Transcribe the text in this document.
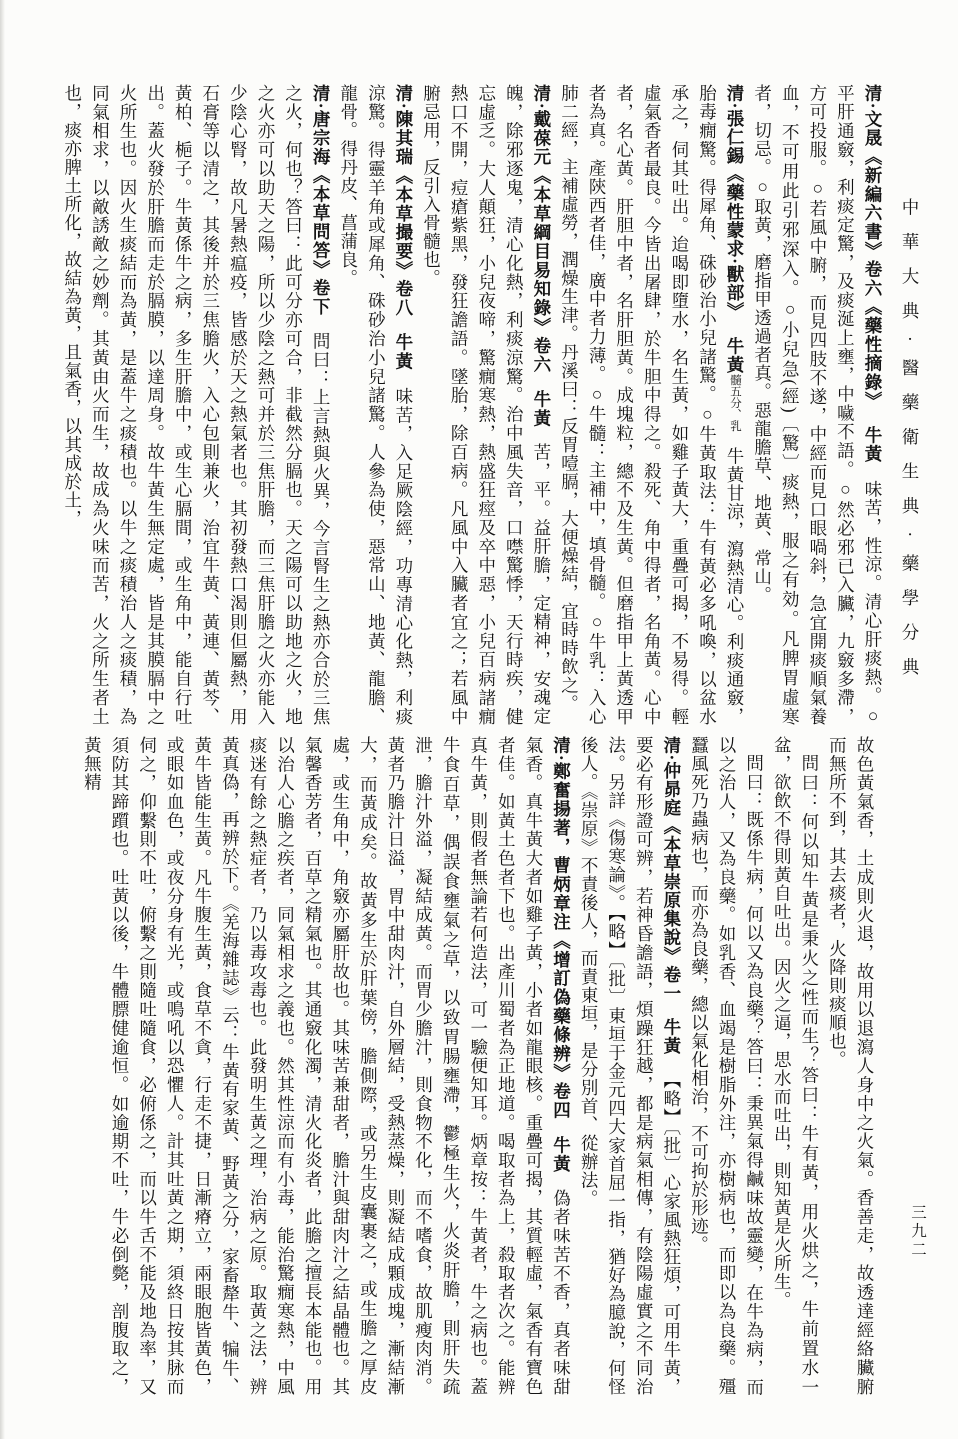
中華大典·醫藥衛生典·藥學分典
三九二
清·文晟《新編六書》卷六《藥性摘錄》牛黃味苦，性涼。清心肝痰熱。○平肝通竅，利痰定驚，及痰涎上壅，中噦不語。○然必邪已入臟，九竅多滯，方可投服。○若風中腑，而見四肢不遂，中經而見口眼喎斜，急宜開痰順氣養血，不可用此引邪深入。○小兒急(經)〔驚〕痰熱，服之有効。凡脾胃虛寒者，切忌。○取黃，磨指甲透過者真。惡龍膽草、地黃、常山。
清·張仁錫《藥性蒙求·獸部》牛黃髓五分、乳牛黃甘涼，瀉熱清心。利痰通竅，胎毒癇驚。得犀角、硃砂治小兒諸驚。○牛黃取法：牛有黃必多吼喚，以盆水承之，伺其吐出。迨喝即墮水，名生黃，如雞子黃大，重疊可揭，不易得。輕虛氣香者最良。今皆出屠肆，於牛胆中得之。殺死、角中得者，名角黃。心中者，名心黃。肝胆中者，名肝胆黃。成塊粒，總不及生黃。但磨指甲上黃透甲者為真。產陝西者佳，廣中者力薄。○牛髓：主補中，填骨髓。○牛乳：入心肺二經，主補虛勞，潤燥生津。丹溪曰：反胃噎膈，大便燥結，宜時時飲之。
清·戴葆元《本草綱目易知錄》卷六牛黃苦，平。益肝膽，定精神，安魂定魄，除邪逐鬼，清心化熱，利痰涼驚。治中風失音，口噤驚悸，天行時疾，健忘虛乏。大人顛狂，小兒夜啼，驚癇寒熱，熱盛狂痙及卒中惡，小兒百病諸癇熱口不開，痘瘡紫黑，發狂譫語。墜胎，除百病。凡風中入臟者宜之；若風中腑忌用，反引入骨髓也。
清·陳其瑞《本草撮要》卷八牛黃味苦，入足厥陰經，功專清心化熱，利痰涼驚。得靈羊角或犀角、硃砂治小兒諸驚。人參為使，惡常山、地黃、龍膽、龍骨。得丹皮、菖蒲良。
清·唐宗海《本草問答》卷下問曰：上言熱與火異，今言腎生之熱亦合於三焦之火，何也？答曰：此可分亦可合，非截然分膈也。天之陽可以助地之火，地之火亦可以助天之陽，所以少陰之熱可并於三焦肝膽，而三焦肝膽之火亦能入少陰心腎，故凡暑熱瘟疫，皆感於天之熱氣者也。其初發熱口渴則但屬熱，用石膏等以清之，其後并於三焦膽火，入心包則兼火，治宜牛黃、黃連、黃芩、黃柏、梔子。牛黃係牛之病，多生肝膽中，或生心膈間，或生角中，能自行吐出。蓋火發於肝膽而走於膈膜，以達周身。故牛黃生無定處，皆是其膜膈中之火所生也。因火生痰結而為黃，是蓋牛之痰積也。以牛之痰積治人之痰積，為同氣相求，以敵誘敵之妙劑。其黃由火而生，故成為火味而苦，火之所生者土也，痰亦脾土所化，故結為黃，且氣香，以其成於土，
故色黃氣香，土成則火退，故用以退瀉人身中之火氣。香善走，故透達經絡臟腑而無所不到，其去痰者，火降則痰順也。
問曰：何以知牛黃是秉火之性而生？答曰：牛有黃，用火烘之，牛前置水一盆，欲飲不得則黃自吐出。因火之逼，思水而吐出，則知黃是火所生。
問曰：既係牛病，何以又為良藥？答曰：秉異氣得鹹味故靈變，在牛為病，而以之治人，又為良藥。如乳香、血竭是樹脂外注，亦樹病也，而即以為良藥。殭蠶風死乃蟲病也，而亦為良藥，總以氣化相治，不可拘於形迹。
清·仲昴庭《本草崇原集說》卷一牛黃【略】〔批〕心家風熱狂煩，可用牛黃，要必有形證可辨，若神昏譫語，煩躁狂越，都是病氣相傳，有陰陽虛實之不同治法。另詳《傷寒論》。【略】〔批〕東垣于金元四大家首屈一指，猶好為臆說，何怪後人。《崇原》不責後人，而責東垣，是分別首、從辦法。
清·鄭奮揚著，曹炳章注《增訂偽藥條辨》卷四牛黃偽者味苦不香，真者味甜氣香。真牛黃大者如雞子黃，小者如龍眼核。重疊可揭，其質輕虛，氣香有寶色者佳。如黃土色者下也。出產川蜀者為正地道。喝取者為上，殺取者次之。能辨真牛黃，則假者無論若何造法，可一驗便知耳。炳章按：牛黃者，牛之病也。蓋牛食百草，偶誤食壅氣之草，以致胃腸壅滯，鬱極生火，火炎肝膽，則肝失疏泄，膽汁外溢，凝結成黃。而胃少膽汁，則食物不化，而不嗜食，故肌瘦肉消。黃者乃膽汁日溢，胃中甜肉汁，自外層結，受熱蒸燥，則凝結成顆成塊，漸結漸大，而黃成矣。故黃多生於肝葉傍，膽側際，或另生皮囊裹之，或生膽之厚皮處，或生角中，角竅亦屬肝故也。其味苦兼甜者，膽汁與甜肉汁之結晶體也。其氣馨香芳者，百草之精氣也。其通竅化濁，清火化炎者，此膽之擅長本能也。用以治人心膽之疾者，同氣相求之義也。然其性涼而有小毒，能治驚癇寒熱，中風痰迷有餘之熱症者，乃以毒攻毒也。此發明生黃之理，治病之原。取黃之法，辨黃真偽，再辨於下。《羌海雜誌》云：牛黃有家黃、野黃之分，家畜犛牛、犏牛、黃牛皆能生黃。凡牛腹生黃，食草不貪，行走不捷，日漸瘠立，兩眼胞皆黃色，或眼如血色，或夜分身有光，或鳴吼以恐懼人。計其吐黃之期，須終日按其脉而伺之，仰繫則不吐，俯繫之則隨吐隨食，必俯係之，而以牛舌不能及地為率，又須防其蹄躓也。吐黃以後，牛體膘健逾恒。如逾期不吐，牛必倒斃，剖腹取之，黃無精
